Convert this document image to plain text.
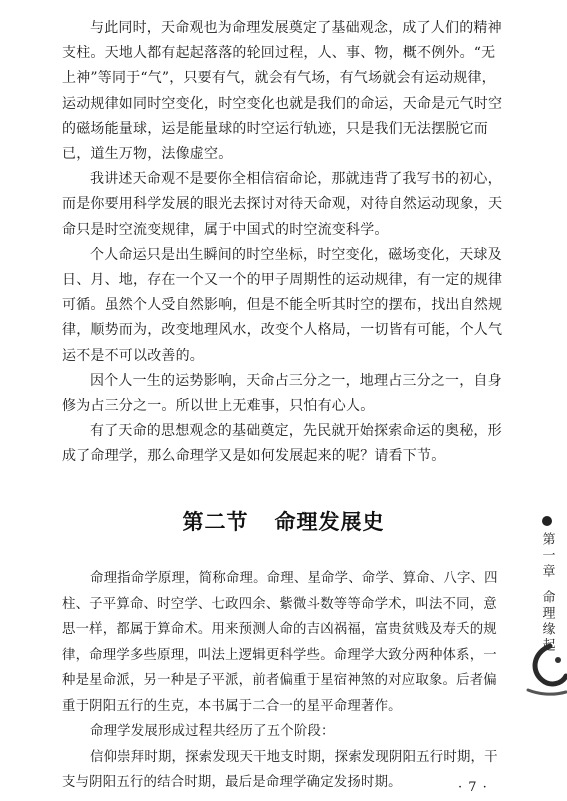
与此同时，天命观也为命理发展奠定了基础观念，成了人们的精神支柱。天地人都有起起落落的轮回过程，人、事、物，概不例外。“无上神”等同于“气”，只要有气，就会有气场，有气场就会有运动规律，运动规律如同时空变化，时空变化也就是我们的命运，天命是元气时空的磁场能量球，运是能量球的时空运行轨迹，只是我们无法摆脱它而已，道生万物，法像虚空。

我讲述天命观不是要你全相信宿命论，那就违背了我写书的初心，而是你要用科学发展的眼光去探讨对待天命观，对待自然运动现象，天命只是时空流变规律，属于中国式的时空流变科学。

个人命运只是出生瞬间的时空坐标，时空变化，磁场变化，天球及日、月、地，存在一个又一个的甲子周期性的运动规律，有一定的规律可循。虽然个人受自然影响，但是不能全听其时空的摆布，找出自然规律，顺势而为，改变地理风水，改变个人格局，一切皆有可能，个人气运不是不可以改善的。

因个人一生的运势影响，天命占三分之一，地理占三分之一，自身修为占三分之一。所以世上无难事，只怕有心人。

有了天命的思想观念的基础奠定，先民就开始探索命运的奥秘，形成了命理学，那么命理学又是如何发展起来的呢？请看下节。

第二节 命理发展史

命理指命学原理，简称命理。命理、星命学、命学、算命、八字、四柱、子平算命、时空学、七政四余、紫微斗数等等命学术，叫法不同，意思一样，都属于算命术。用来预测人命的吉凶祸福，富贵贫贱及寿夭的规律，命理学多些原理，叫法上逻辑更科学些。命理学大致分两种体系，一种是星命派，另一种是子平派，前者偏重于星宿神煞的对应取象。后者偏重于阴阳五行的生克，本书属于二合一的星平命理著作。

命理学发展形成过程共经历了五个阶段：

信仰崇拜时期，探索发现天干地支时期，探索发现阴阳五行时期，干支与阴阳五行的结合时期，最后是命理学确定发扬时期。

第一章
命理缘起
· 7 ·
